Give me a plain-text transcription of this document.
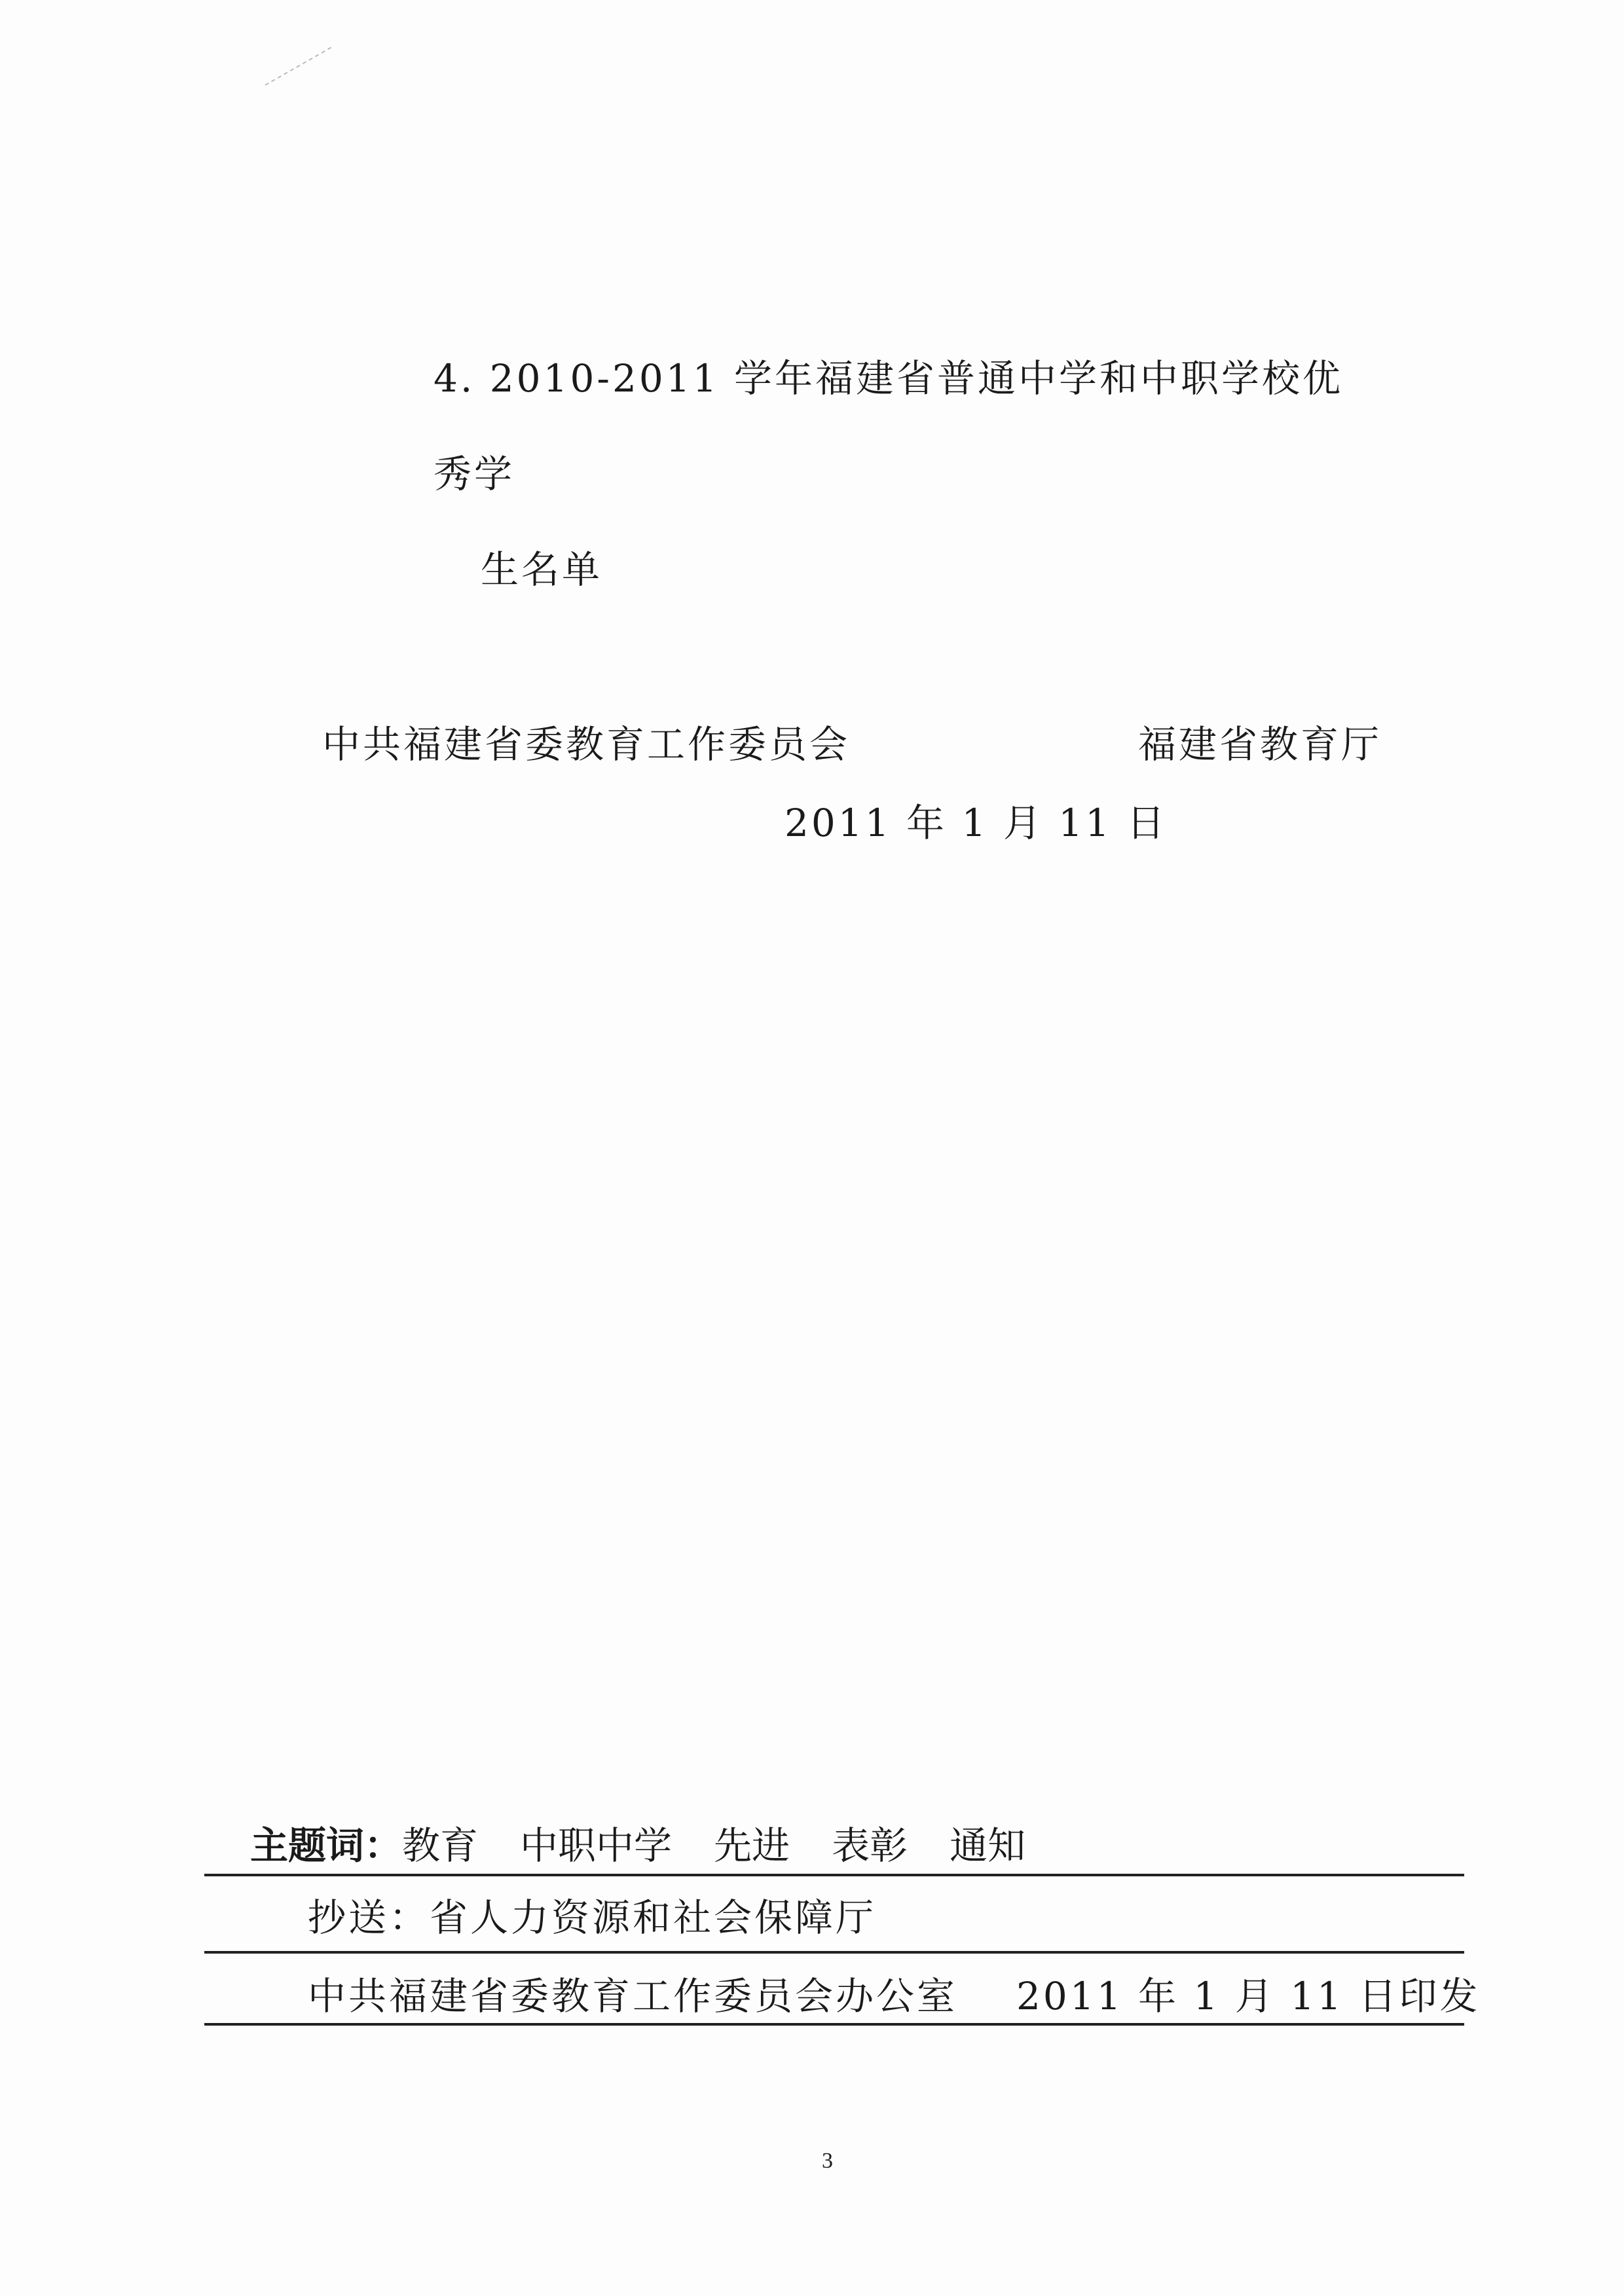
4. 2010-2011 学年福建省普通中学和中职学校优秀学
生名单
中共福建省委教育工作委员会	福建省教育厅
2011 年 1 月 11 日
主题词：教育 中职中学 先进 表彰 通知
抄送：省人力资源和社会保障厅
中共福建省委教育工作委员会办公室 2011 年 1 月 11 日印发
3
